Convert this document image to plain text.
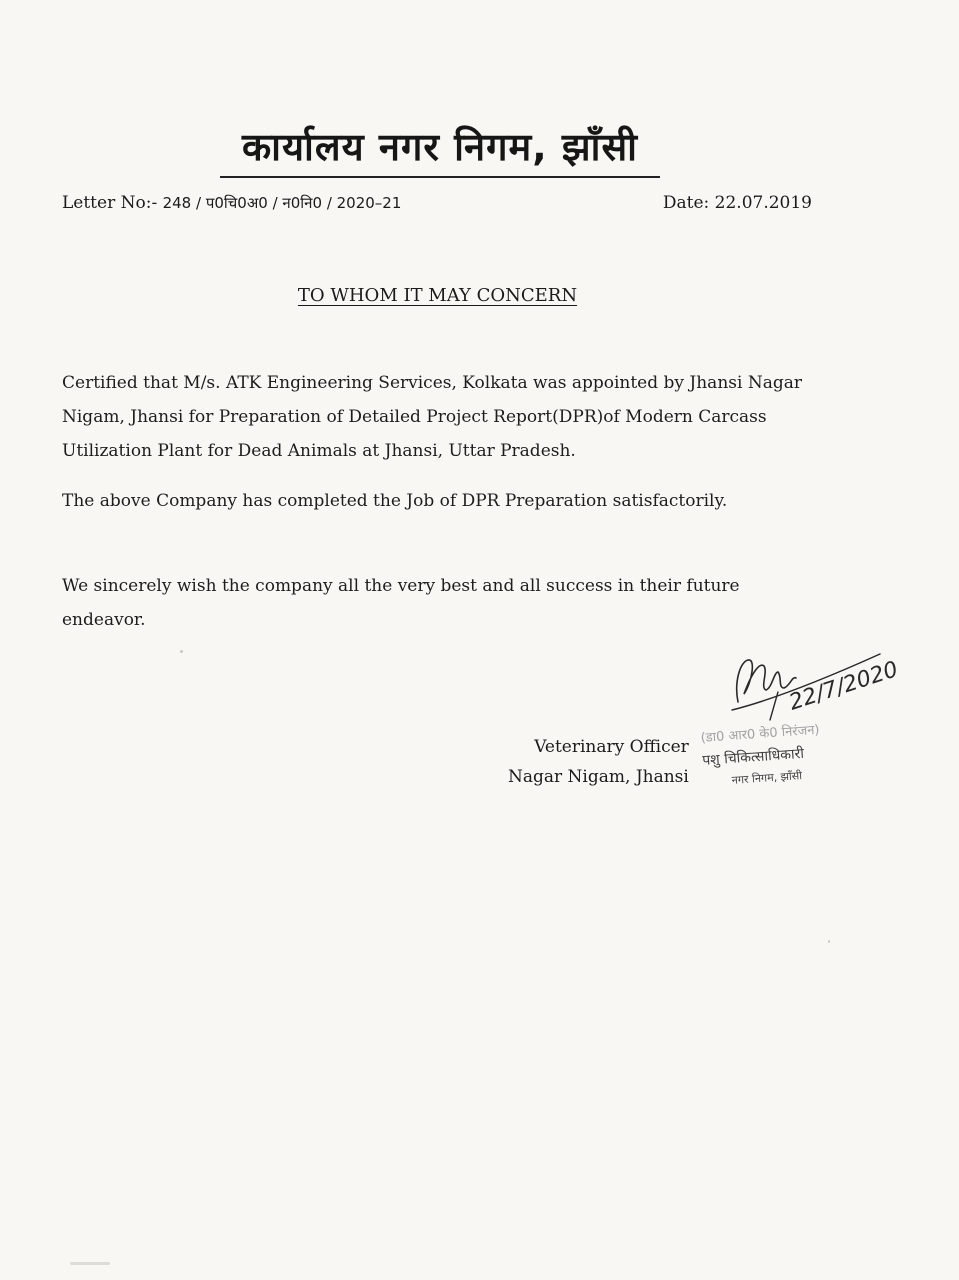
कार्यालय नगर निगम, झाँसी
Letter No:- 248 / प0चि0अ0 / न0नि0 / 2020–21	Date: 22.07.2019
TO WHOM IT MAY CONCERN
Certified that M/s. ATK Engineering Services, Kolkata was appointed by Jhansi Nagar Nigam, Jhansi for Preparation of Detailed Project Report(DPR)of Modern Carcass Utilization Plant for Dead Animals at Jhansi, Uttar Pradesh.
The above Company has completed the Job of DPR Preparation satisfactorily.
We sincerely wish the company all the very best and all success in their future endeavor.
22/7/2020
Veterinary Officer
Nagar Nigam, Jhansi
(डा0 आर0 के0 निरंजन)
पशु चिकित्साधिकारी
नगर निगम, झाँसी
